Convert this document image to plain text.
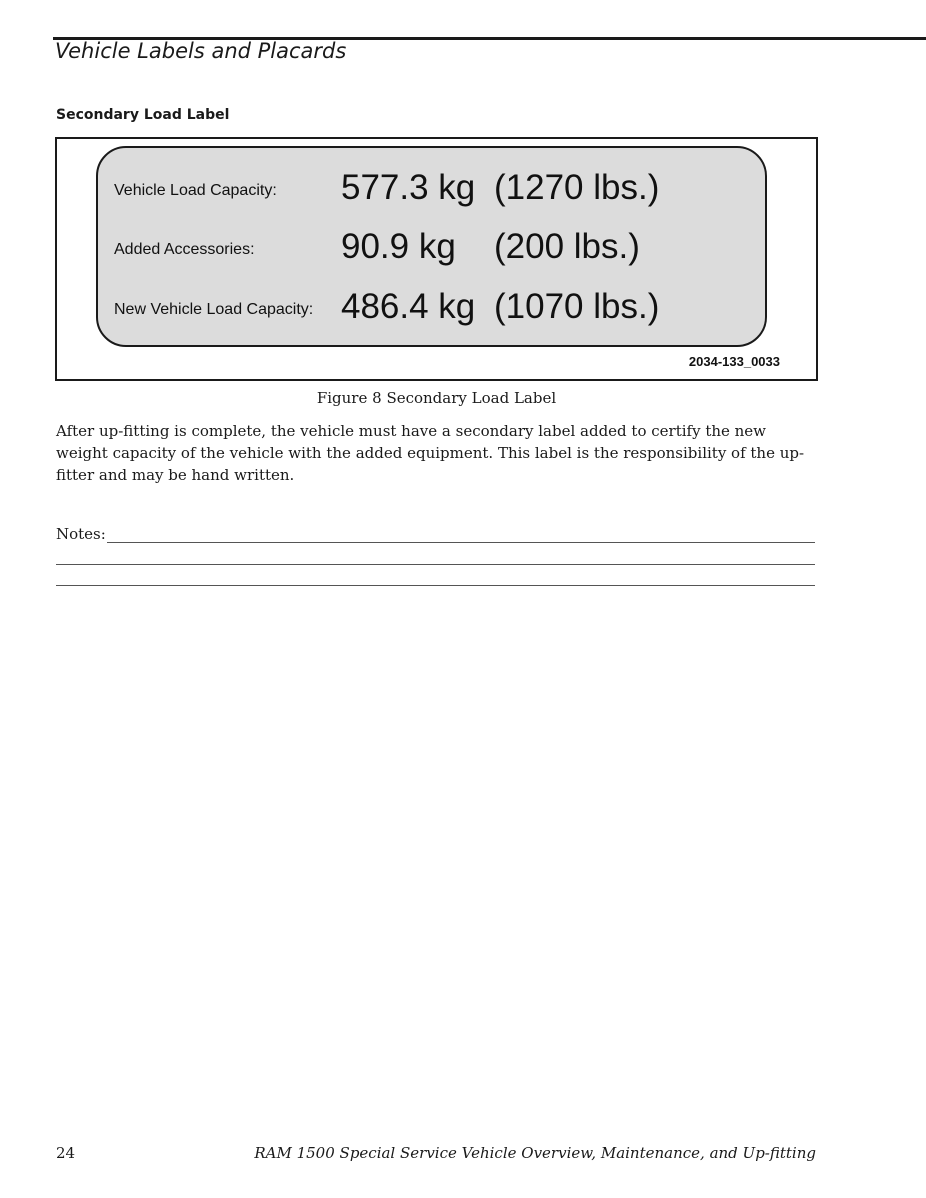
Vehicle Labels and Placards
Secondary Load Label
Vehicle Load Capacity: 577.3 kg (1270 lbs.)
Added Accessories: 90.9 kg (200 lbs.)
New Vehicle Load Capacity: 486.4 kg (1070 lbs.)
2034-133_0033
Figure 8 Secondary Load Label

After up-fitting is complete, the vehicle must have a secondary label added to certify the new weight capacity of the vehicle with the added equipment. This label is the responsibility of the up-fitter and may be hand written.

Notes:
24	RAM 1500 Special Service Vehicle Overview, Maintenance, and Up-fitting
